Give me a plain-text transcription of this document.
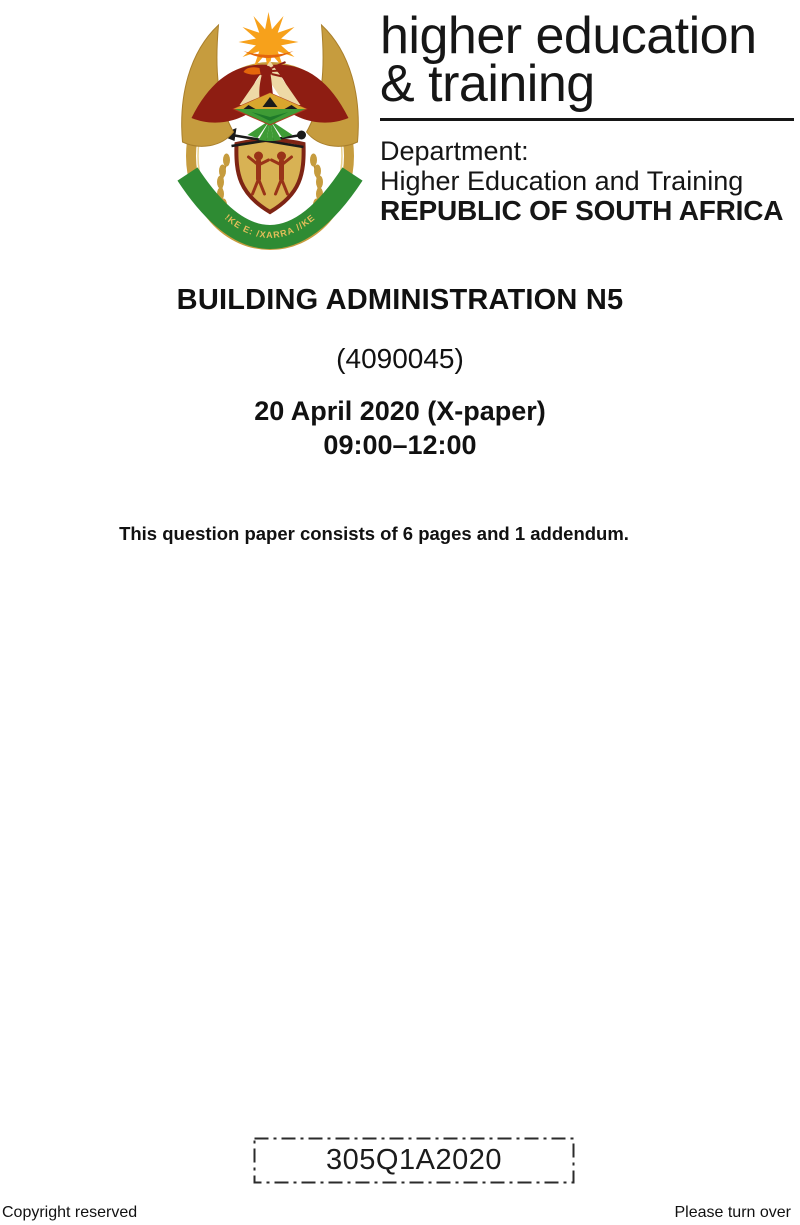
!KE E: /XARRA //KE
higher education
& training
Department:
Higher Education and Training
REPUBLIC OF SOUTH AFRICA
BUILDING ADMINISTRATION N5
(4090045)
20 April 2020 (X-paper)
09:00–12:00
This question paper consists of 6 pages and 1 addendum.
305Q1A2020
Copyright reserved	Please turn over
